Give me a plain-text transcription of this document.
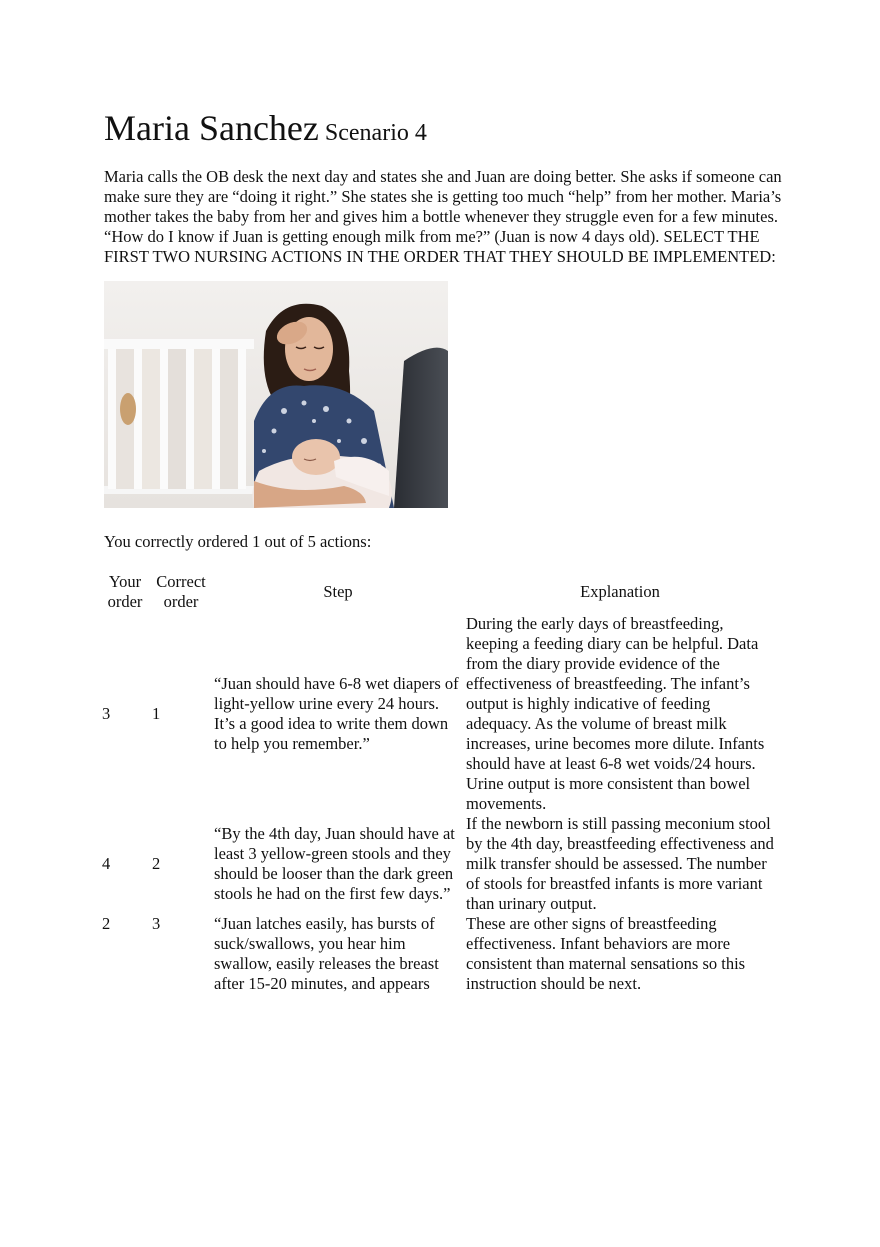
Maria Sanchez Scenario 4
Maria calls the OB desk the next day and states she and Juan are doing better. She asks if someone can make sure they are “doing it right.” She states she is getting too much “help” from her mother. Maria’s mother takes the baby from her and gives him a bottle whenever they struggle even for a few minutes. “How do I know if Juan is getting enough milk from me?” (Juan is now 4 days old). SELECT THE FIRST TWO NURSING ACTIONS IN THE ORDER THAT THEY SHOULD BE IMPLEMENTED:
You correctly ordered 1 out of 5 actions:
Your order	Correct order	Step	Explanation
3	1	“Juan should have 6-8 wet diapers of light-yellow urine every 24 hours. It’s a good idea to write them down to help you remember.”	During the early days of breastfeeding, keeping a feeding diary can be helpful. Data from the diary provide evidence of the effectiveness of breastfeeding. The infant’s output is highly indicative of feeding adequacy. As the volume of breast milk increases, urine becomes more dilute. Infants should have at least 6-8 wet voids/24 hours. Urine output is more consistent than bowel movements.
4	2	“By the 4th day, Juan should have at least 3 yellow-green stools and they should be looser than the dark green stools he had on the first few days.”	If the newborn is still passing meconium stool by the 4th day, breastfeeding effectiveness and milk transfer should be assessed. The number of stools for breastfed infants is more variant than urinary output.
2	3	“Juan latches easily, has bursts of suck/swallows, you hear him swallow, easily releases the breast after 15-20 minutes, and appears	These are other signs of breastfeeding effectiveness. Infant behaviors are more consistent than maternal sensations so this instruction should be next.
